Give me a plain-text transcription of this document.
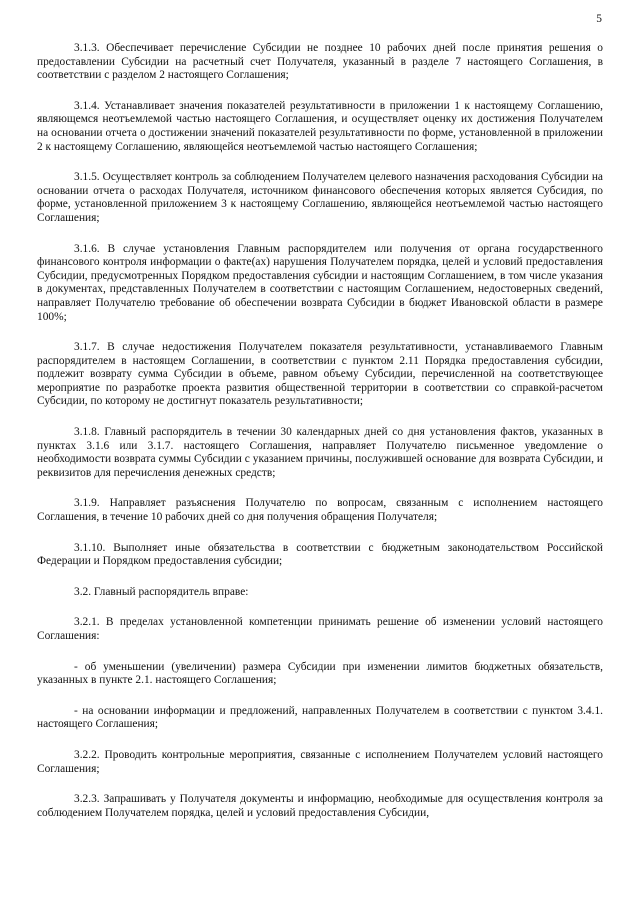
5

3.1.3. Обеспечивает перечисление Субсидии не позднее 10 рабочих дней после принятия решения о предоставлении Субсидии на расчетный счет Получателя, указанный в разделе 7 настоящего Соглашения, в соответствии с разделом 2 настоящего Соглашения;

3.1.4. Устанавливает значения показателей результативности в приложении 1 к настоящему Соглашению, являющемся неотъемлемой частью настоящего Соглашения, и осуществляет оценку их достижения Получателем на основании отчета о достижении значений показателей результативности по форме, установленной в приложении 2 к настоящему Соглашению, являющейся неотъемлемой частью настоящего Соглашения;

3.1.5. Осуществляет контроль за соблюдением Получателем целевого назначения расходования Субсидии на основании отчета о расходах Получателя, источником финансового обеспечения которых является Субсидия, по форме, установленной приложением 3 к настоящему Соглашению, являющейся неотъемлемой частью настоящего Соглашения;

3.1.6. В случае установления Главным распорядителем или получения от органа государственного финансового контроля информации о факте(ах) нарушения Получателем порядка, целей и условий предоставления Субсидии, предусмотренных Порядком предоставления субсидии и настоящим Соглашением, в том числе указания в документах, представленных Получателем в соответствии с настоящим Соглашением, недостоверных сведений, направляет Получателю требование об обеспечении возврата Субсидии в бюджет Ивановской области в размере 100%;

3.1.7. В случае недостижения Получателем показателя результативности, устанавливаемого Главным распорядителем в настоящем Соглашении, в соответствии с пунктом 2.11 Порядка предоставления субсидии, подлежит возврату сумма Субсидии в объеме, равном объему Субсидии, перечисленной на соответствующее мероприятие по разработке проекта развития общественной территории в соответствии со справкой-расчетом Субсидии, по которому не достигнут показатель результативности;

3.1.8. Главный распорядитель в течении 30 календарных дней со дня установления фактов, указанных в пунктах 3.1.6 или 3.1.7. настоящего Соглашения, направляет Получателю письменное уведомление о необходимости возврата суммы Субсидии с указанием причины, послужившей основание для возврата Субсидии, и реквизитов для перечисления денежных средств;

3.1.9. Направляет разъяснения Получателю по вопросам, связанным с исполнением настоящего Соглашения, в течение 10 рабочих дней со дня получения обращения Получателя;

3.1.10. Выполняет иные обязательства в соответствии с бюджетным законодательством Российской Федерации и Порядком предоставления субсидии;

3.2. Главный распорядитель вправе:

3.2.1. В пределах установленной компетенции принимать решение об изменении условий настоящего Соглашения:

- об уменьшении (увеличении) размера Субсидии при изменении лимитов бюджетных обязательств, указанных в пункте 2.1. настоящего Соглашения;

- на основании информации и предложений, направленных Получателем в соответствии с пунктом 3.4.1. настоящего Соглашения;

3.2.2. Проводить контрольные мероприятия, связанные с исполнением Получателем условий настоящего Соглашения;

3.2.3. Запрашивать у Получателя документы и информацию, необходимые для осуществления контроля за соблюдением Получателем порядка, целей и условий предоставления Субсидии,
